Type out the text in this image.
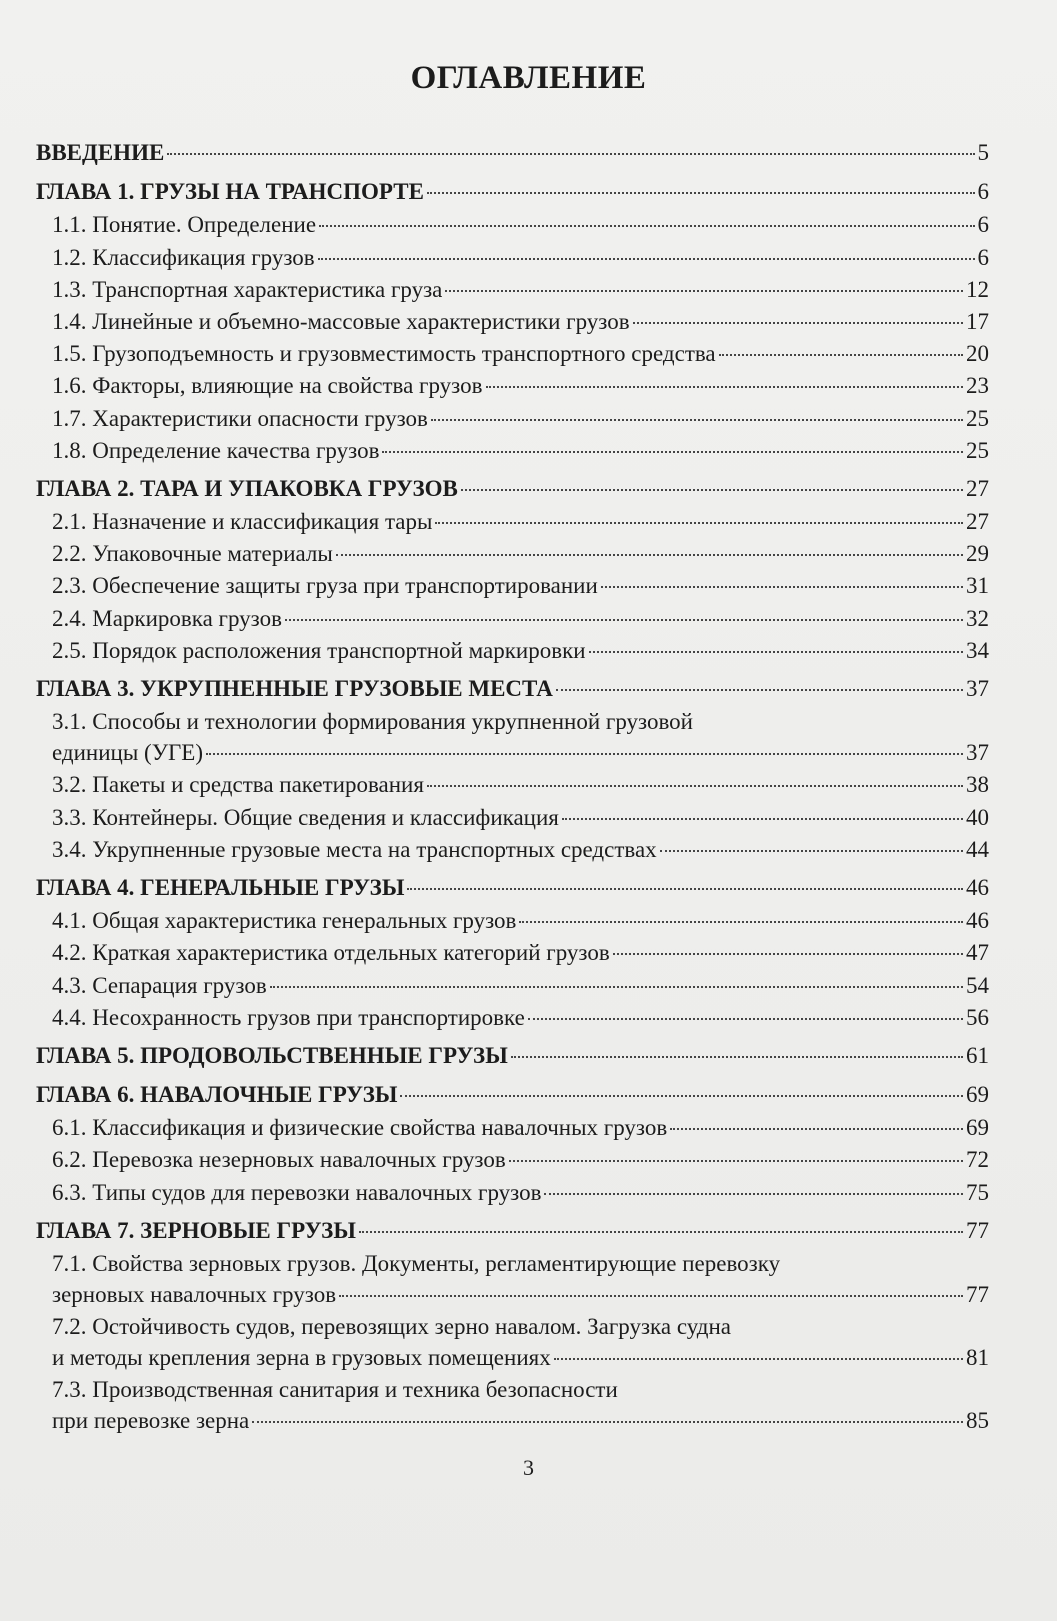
ОГЛАВЛЕНИЕ
ВВЕДЕНИЕ	5
ГЛАВА 1. ГРУЗЫ НА ТРАНСПОРТЕ	6
1.1. Понятие. Определение	6
1.2. Классификация грузов	6
1.3. Транспортная характеристика груза	12
1.4. Линейные и объемно-массовые характеристики грузов	17
1.5. Грузоподъемность и грузовместимость транспортного средства	20
1.6. Факторы, влияющие на свойства грузов	23
1.7. Характеристики опасности грузов	25
1.8. Определение качества грузов	25
ГЛАВА 2. ТАРА И УПАКОВКА ГРУЗОВ	27
2.1. Назначение и классификация тары	27
2.2. Упаковочные материалы	29
2.3. Обеспечение защиты груза при транспортировании	31
2.4. Маркировка грузов	32
2.5. Порядок расположения транспортной маркировки	34
ГЛАВА 3. УКРУПНЕННЫЕ ГРУЗОВЫЕ МЕСТА	37
3.1. Способы и технологии формирования укрупненной грузовой
единицы (УГЕ)	37
3.2. Пакеты и средства пакетирования	38
3.3. Контейнеры. Общие сведения и классификация	40
3.4. Укрупненные грузовые места на транспортных средствах	44
ГЛАВА 4. ГЕНЕРАЛЬНЫЕ ГРУЗЫ	46
4.1. Общая характеристика генеральных грузов	46
4.2. Краткая характеристика отдельных категорий грузов	47
4.3. Сепарация грузов	54
4.4. Несохранность грузов при транспортировке	56
ГЛАВА 5. ПРОДОВОЛЬСТВЕННЫЕ ГРУЗЫ	61
ГЛАВА 6. НАВАЛОЧНЫЕ ГРУЗЫ	69
6.1. Классификация и физические свойства навалочных грузов	69
6.2. Перевозка незерновых навалочных грузов	72
6.3. Типы судов для перевозки навалочных грузов	75
ГЛАВА 7. ЗЕРНОВЫЕ ГРУЗЫ	77
7.1. Свойства зерновых грузов. Документы, регламентирующие перевозку
зерновых навалочных грузов	77
7.2. Остойчивость судов, перевозящих зерно навалом. Загрузка судна
и методы крепления зерна в грузовых помещениях	81
7.3. Производственная санитария и техника безопасности
при перевозке зерна	85
3
